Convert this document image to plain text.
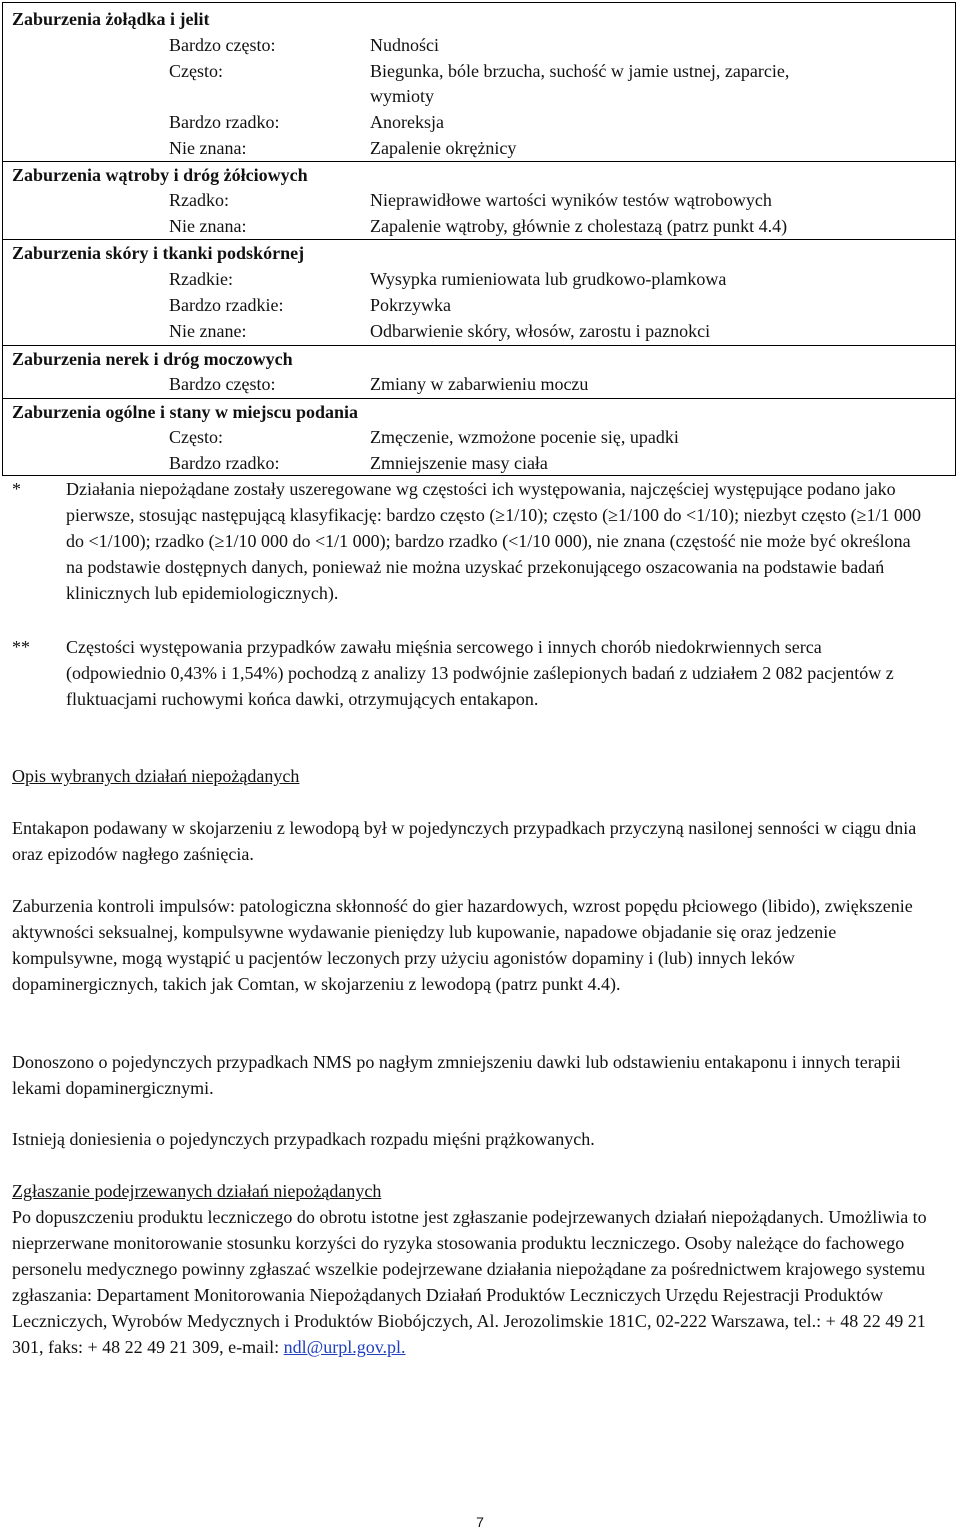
Zaburzenia żołądka i jelit
Bardzo często:	Nudności
Często:	Biegunka, bóle brzucha, suchość w jamie ustnej, zaparcie,
wymioty
Bardzo rzadko:	Anoreksja
Nie znana:	Zapalenie okrężnicy
Zaburzenia wątroby i dróg żółciowych
Rzadko:	Nieprawidłowe wartości wyników testów wątrobowych
Nie znana:	Zapalenie wątroby, głównie z cholestazą (patrz punkt 4.4)
Zaburzenia skóry i tkanki podskórnej
Rzadkie:	Wysypka rumieniowata lub grudkowo-plamkowa
Bardzo rzadkie:	Pokrzywka
Nie znane:	Odbarwienie skóry, włosów, zarostu i paznokci
Zaburzenia nerek i dróg moczowych
Bardzo często:	Zmiany w zabarwieniu moczu
Zaburzenia ogólne i stany w miejscu podania
Często:	Zmęczenie, wzmożone pocenie się, upadki
Bardzo rzadko:	Zmniejszenie masy ciała
*	Działania niepożądane zostały uszeregowane wg częstości ich występowania, najczęściej występujące podano jako pierwsze, stosując następującą klasyfikację: bardzo często (≥1/10); często (≥1/100 do <1/10); niezbyt często (≥1/1 000 do <1/100); rzadko (≥1/10 000 do <1/1 000); bardzo rzadko (<1/10 000), nie znana (częstość nie może być określona na podstawie dostępnych danych, ponieważ nie można uzyskać przekonującego oszacowania na podstawie badań klinicznych lub epidemiologicznych).
** Częstości występowania przypadków zawału mięśnia sercowego i innych chorób niedokrwiennych serca (odpowiednio 0,43% i 1,54%) pochodzą z analizy 13 podwójnie zaślepionych badań z udziałem 2 082 pacjentów z fluktuacjami ruchowymi końca dawki, otrzymujących entakapon.
Opis wybranych działań niepożądanych
Entakapon podawany w skojarzeniu z lewodopą był w pojedynczych przypadkach przyczyną nasilonej senności w ciągu dnia oraz epizodów nagłego zaśnięcia.
Zaburzenia kontroli impulsów: patologiczna skłonność do gier hazardowych, wzrost popędu płciowego (libido), zwiększenie aktywności seksualnej, kompulsywne wydawanie pieniędzy lub kupowanie, napadowe objadanie się oraz jedzenie kompulsywne, mogą wystąpić u pacjentów leczonych przy użyciu agonistów dopaminy i (lub) innych leków dopaminergicznych, takich jak Comtan, w skojarzeniu z lewodopą (patrz punkt 4.4).
Donoszono o pojedynczych przypadkach NMS po nagłym zmniejszeniu dawki lub odstawieniu entakaponu i innych terapii lekami dopaminergicznymi.
Istnieją doniesienia o pojedynczych przypadkach rozpadu mięśni prążkowanych.
Zgłaszanie podejrzewanych działań niepożądanych
Po dopuszczeniu produktu leczniczego do obrotu istotne jest zgłaszanie podejrzewanych działań niepożądanych. Umożliwia to nieprzerwane monitorowanie stosunku korzyści do ryzyka stosowania produktu leczniczego. Osoby należące do fachowego personelu medycznego powinny zgłaszać wszelkie podejrzewane działania niepożądane za pośrednictwem krajowego systemu zgłaszania: Departament Monitorowania Niepożądanych Działań Produktów Leczniczych Urzędu Rejestracji Produktów Leczniczych, Wyrobów Medycznych i Produktów Biobójczych, Al. Jerozolimskie 181C, 02-222 Warszawa, tel.: + 48 22 49 21 301, faks: + 48 22 49 21 309, e-mail: ndl@urpl.gov.pl.
7
